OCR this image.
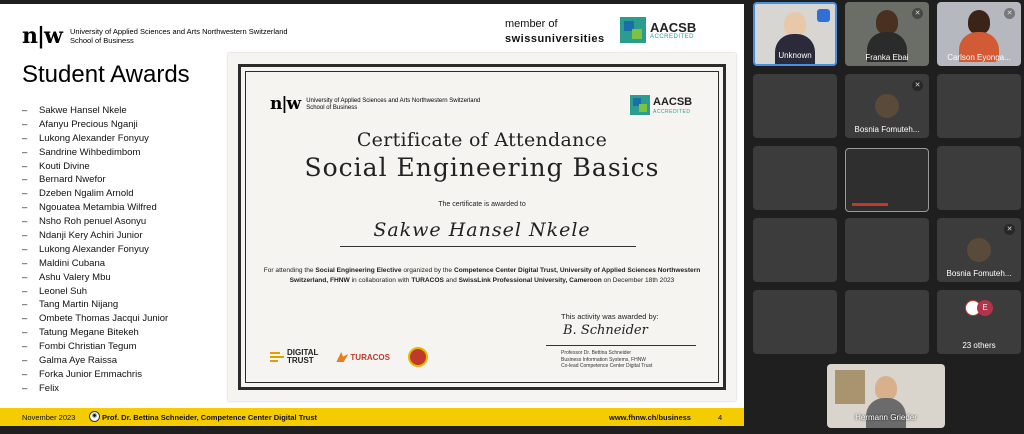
n|w University of Applied Sciences and Arts Northwestern Switzerland
School of Business
member of
swissuniversities
AACSB
ACCREDITED
Student Awards
– Sakwe Hansel Nkele
– Afanyu Precious Nganji
– Lukong Alexander Fonyuy
– Sandrine Wihbedimbom
– Kouti Divine
– Bernard Nwefor
– Dzeben Ngalim Arnold
– Ngouatea Metambia Wilfred
– Nsho Roh penuel Asonyu
– Ndanji Kery Achiri Junior
– Lukong Alexander Fonyuy
– Maldini Cubana
– Ashu Valery Mbu
– Leonel Suh
– Tang Martin Nijang
– Ombete Thomas Jacqui Junior
– Tatung Megane Bitekeh
– Fombi Christian Tegum
– Galma Aye Raissa
– Forka Junior Emmachris
– Felix
n|w University of Applied Sciences and Arts Northwestern Switzerland
School of Business	AACSB
ACCREDITED
Certificate of Attendance
Social Engineering Basics
The certificate is awarded to
Sakwe Hansel Nkele
For attending the Social Engineering Elective organized by the Competence Center Digital Trust, University of Applied Sciences Northwestern Switzerland, FHNW in collaboration with TURACOS and SwissLink Professional University, Cameroon on December 18th 2023
This activity was awarded by:
B. Schneider
Professor Dr. Bettina Schneider
Business Information Systems, FHNW
Co-lead Competence Center Digital Trust
DIGITAL
TRUST	TURACOS
November 2023	◉ Prof. Dr. Bettina Schneider, Competence Center Digital Trust	www.fhnw.ch/business	4
Unknown
✕
Franka Ebai
✕
Carlson Eyonga...
✕
Bosnia Fomuteh...
✕
Bosnia Fomuteh...
E
23 others
Hermann Grieder
